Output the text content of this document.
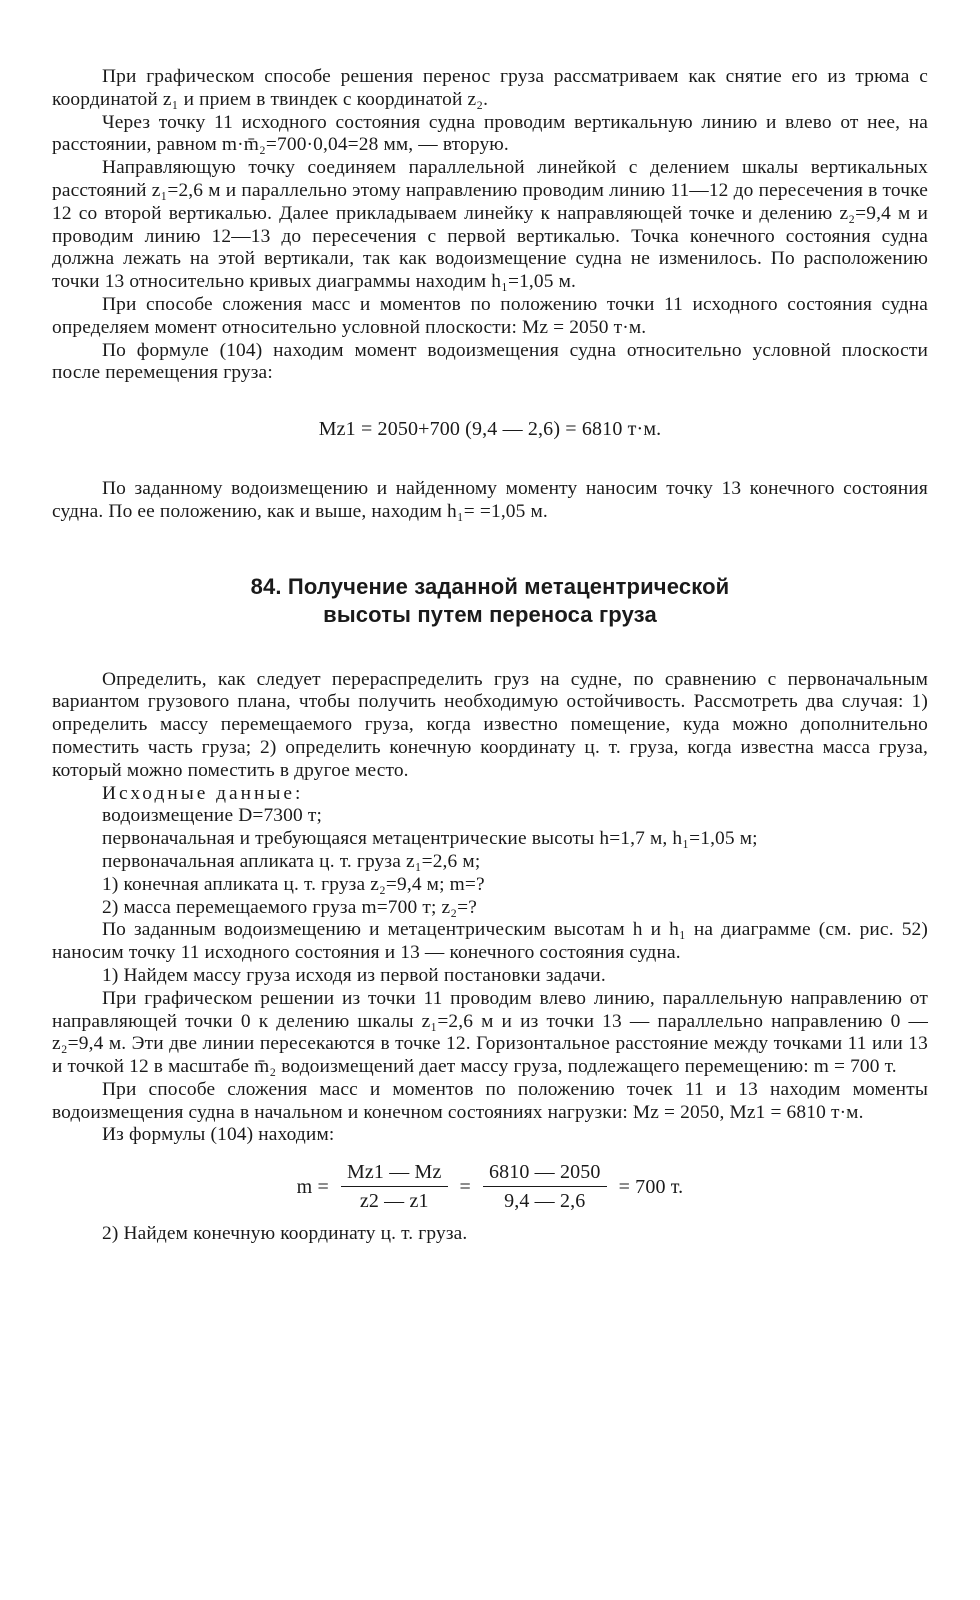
При графическом способе решения перенос груза рассматриваем как снятие его из трюма с координатой z₁ и прием в твиндек с координатой z₂.

Через точку 11 исходного состояния судна проводим вертикальную линию и влево от нее, на расстоянии, равном m·m̄₂=700·0,04=28 мм, — вторую.

Направляющую точку соединяем параллельной линейкой с делением шкалы вертикальных расстояний z₁=2,6 м и параллельно этому направлению проводим линию 11—12 до пересечения в точке 12 со второй вертикалью. Далее прикладываем линейку к направляющей точке и делению z₂=9,4 м и проводим линию 12—13 до пересечения с первой вертикалью. Точка конечного состояния судна должна лежать на этой вертикали, так как водоизмещение судна не изменилось. По расположению точки 13 относительно кривых диаграммы находим h₁=1,05 м.

При способе сложения масс и моментов по положению точки 11 исходного состояния судна определяем момент относительно условной плоскости: Mz = 2050 т·м.

По формуле (104) находим момент водоизмещения судна относительно условной плоскости после перемещения груза:

Mz1 = 2050+700 (9,4 — 2,6) = 6810 т·м.

По заданному водоизмещению и найденному моменту наносим точку 13 конечного состояния судна. По ее положению, как и выше, находим h₁= =1,05 м.

84. Получение заданной метацентрической
высоты путем переноса груза

Определить, как следует перераспределить груз на судне, по сравнению с первоначальным вариантом грузового плана, чтобы получить необходимую остойчивость. Рассмотреть два случая: 1) определить массу перемещаемого груза, когда известно помещение, куда можно дополнительно поместить часть груза; 2) определить конечную координату ц. т. груза, когда известна масса груза, который можно поместить в другое место.

Исходные данные:

водоизмещение D=7300 т;

первоначальная и требующаяся метацентрические высоты h=1,7 м, h₁=1,05 м;

первоначальная апликата ц. т. груза z₁=2,6 м;

1) конечная апликата ц. т. груза z₂=9,4 м; m=?

2) масса перемещаемого груза m=700 т; z₂=?

По заданным водоизмещению и метацентрическим высотам h и h₁ на диаграмме (см. рис. 52) наносим точку 11 исходного состояния и 13 — конечного состояния судна.

1) Найдем массу груза исходя из первой постановки задачи.

При графическом решении из точки 11 проводим влево линию, параллельную направлению от направляющей точки 0 к делению шкалы z₁=2,6 м и из точки 13 — параллельно направлению 0 — z₂=9,4 м. Эти две линии пересекаются в точке 12. Горизонтальное расстояние между точками 11 или 13 и точкой 12 в масштабе m̄₂ водоизмещений дает массу груза, подлежащего перемещению: m = 700 т.

При способе сложения масс и моментов по положению точек 11 и 13 находим моменты водоизмещения судна в начальном и конечном состояниях нагрузки: Mz = 2050, Mz1 = 6810 т·м.

Из формулы (104) находим:

$m = \frac{Mz1 — Mz}{z2 — z1} = \frac{6810 — 2050}{9,4 — 2,6} = 700$ т.

2) Найдем конечную координату ц. т. груза.
